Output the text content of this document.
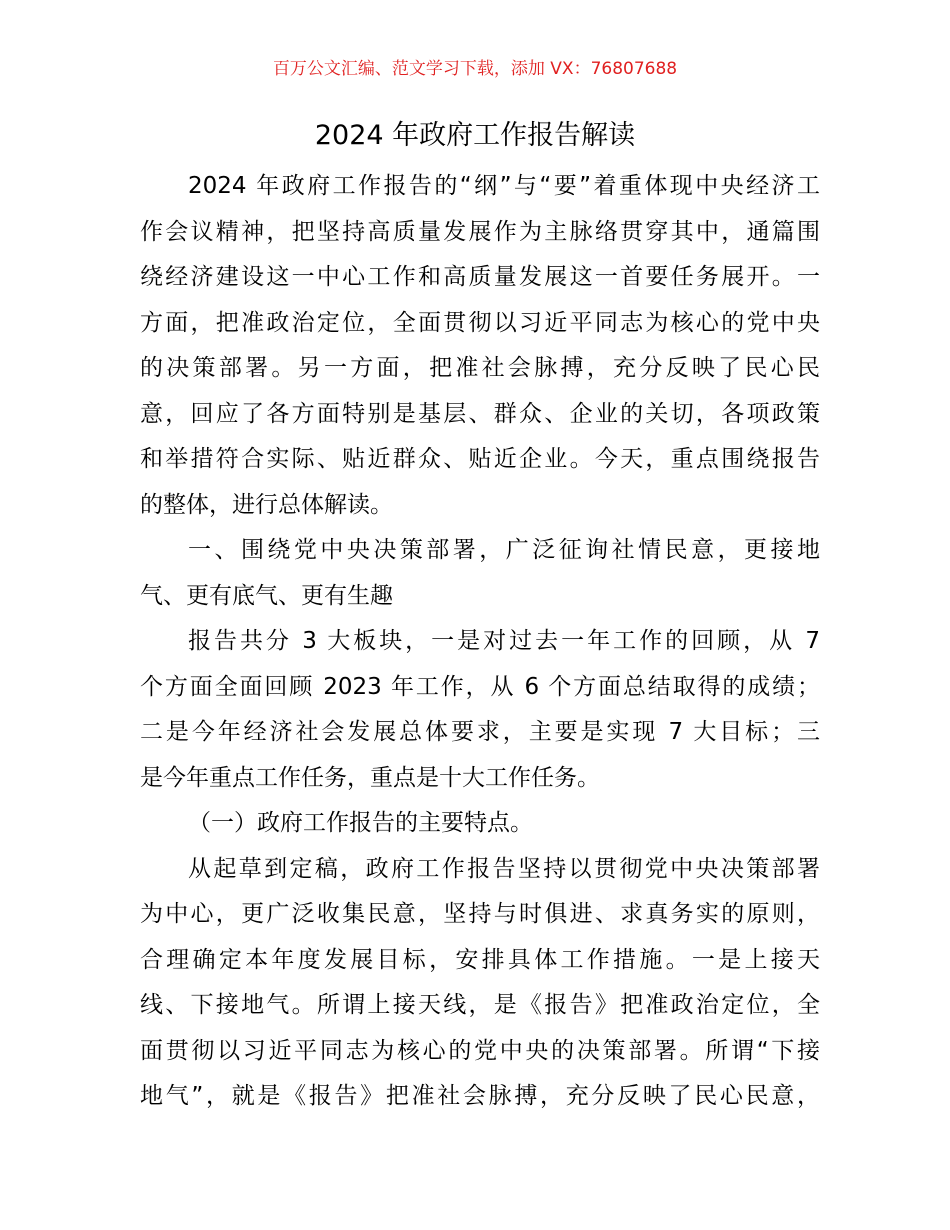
百万公文汇编、范文学习下载，添加 VX：76807688
2024 年政府工作报告解读
2024 年政府工作报告的“纲”与“要”着重体现中央经济工
作会议精神，把坚持高质量发展作为主脉络贯穿其中，通篇围
绕经济建设这一中心工作和高质量发展这一首要任务展开。一
方面，把准政治定位，全面贯彻以习近平同志为核心的党中央
的决策部署。另一方面，把准社会脉搏，充分反映了民心民
意，回应了各方面特别是基层、群众、企业的关切，各项政策
和举措符合实际、贴近群众、贴近企业。今天，重点围绕报告
的整体，进行总体解读。
一、围绕党中央决策部署，广泛征询社情民意，更接地
气、更有底气、更有生趣
报告共分 3 大板块，一是对过去一年工作的回顾，从 7
个方面全面回顾 2023 年工作，从 6 个方面总结取得的成绩；
二是今年经济社会发展总体要求，主要是实现 7 大目标；三
是今年重点工作任务，重点是十大工作任务。
（一）政府工作报告的主要特点。
从起草到定稿，政府工作报告坚持以贯彻党中央决策部署
为中心，更广泛收集民意，坚持与时俱进、求真务实的原则，
合理确定本年度发展目标，安排具体工作措施。一是上接天
线、下接地气。所谓上接天线，是《报告》把准政治定位，全
面贯彻以习近平同志为核心的党中央的决策部署。所谓“下接
地气”，就是《报告》把准社会脉搏，充分反映了民心民意，
